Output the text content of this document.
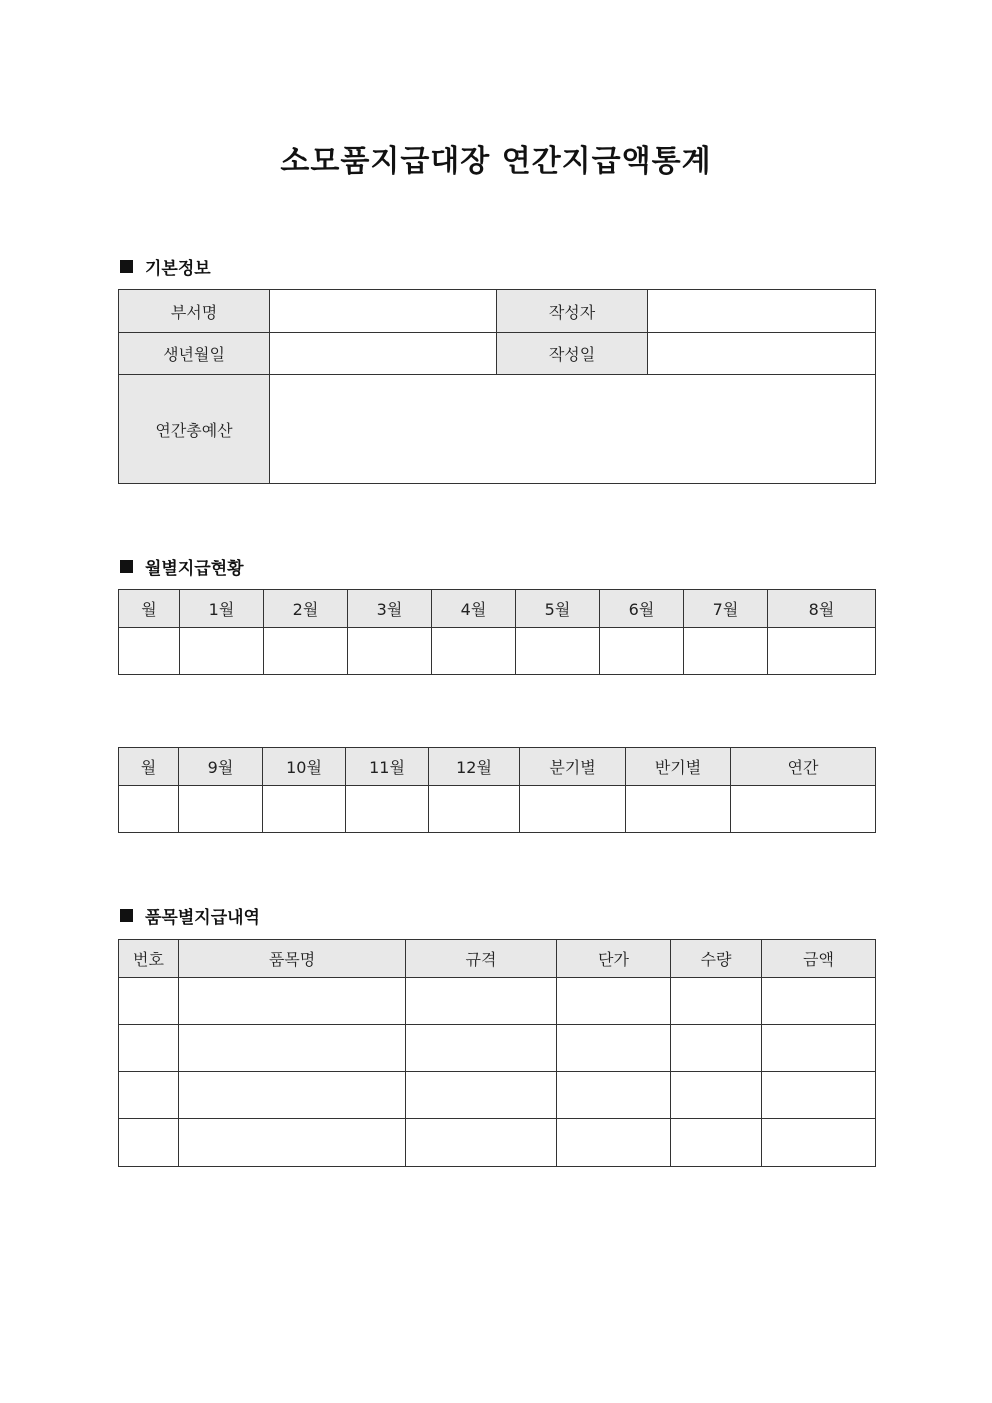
소모품지급대장 연간지급액통계
기본정보
부서명		작성자	
생년월일		작성일	
연간총예산			
월별지급현황
월	1월	2월	3월	4월	5월	6월	7월	8월

월	9월	10월	11월	12월	분기별	반기별	연간

품목별지급내역
번호	품목명	규격	단가	수량	금액
